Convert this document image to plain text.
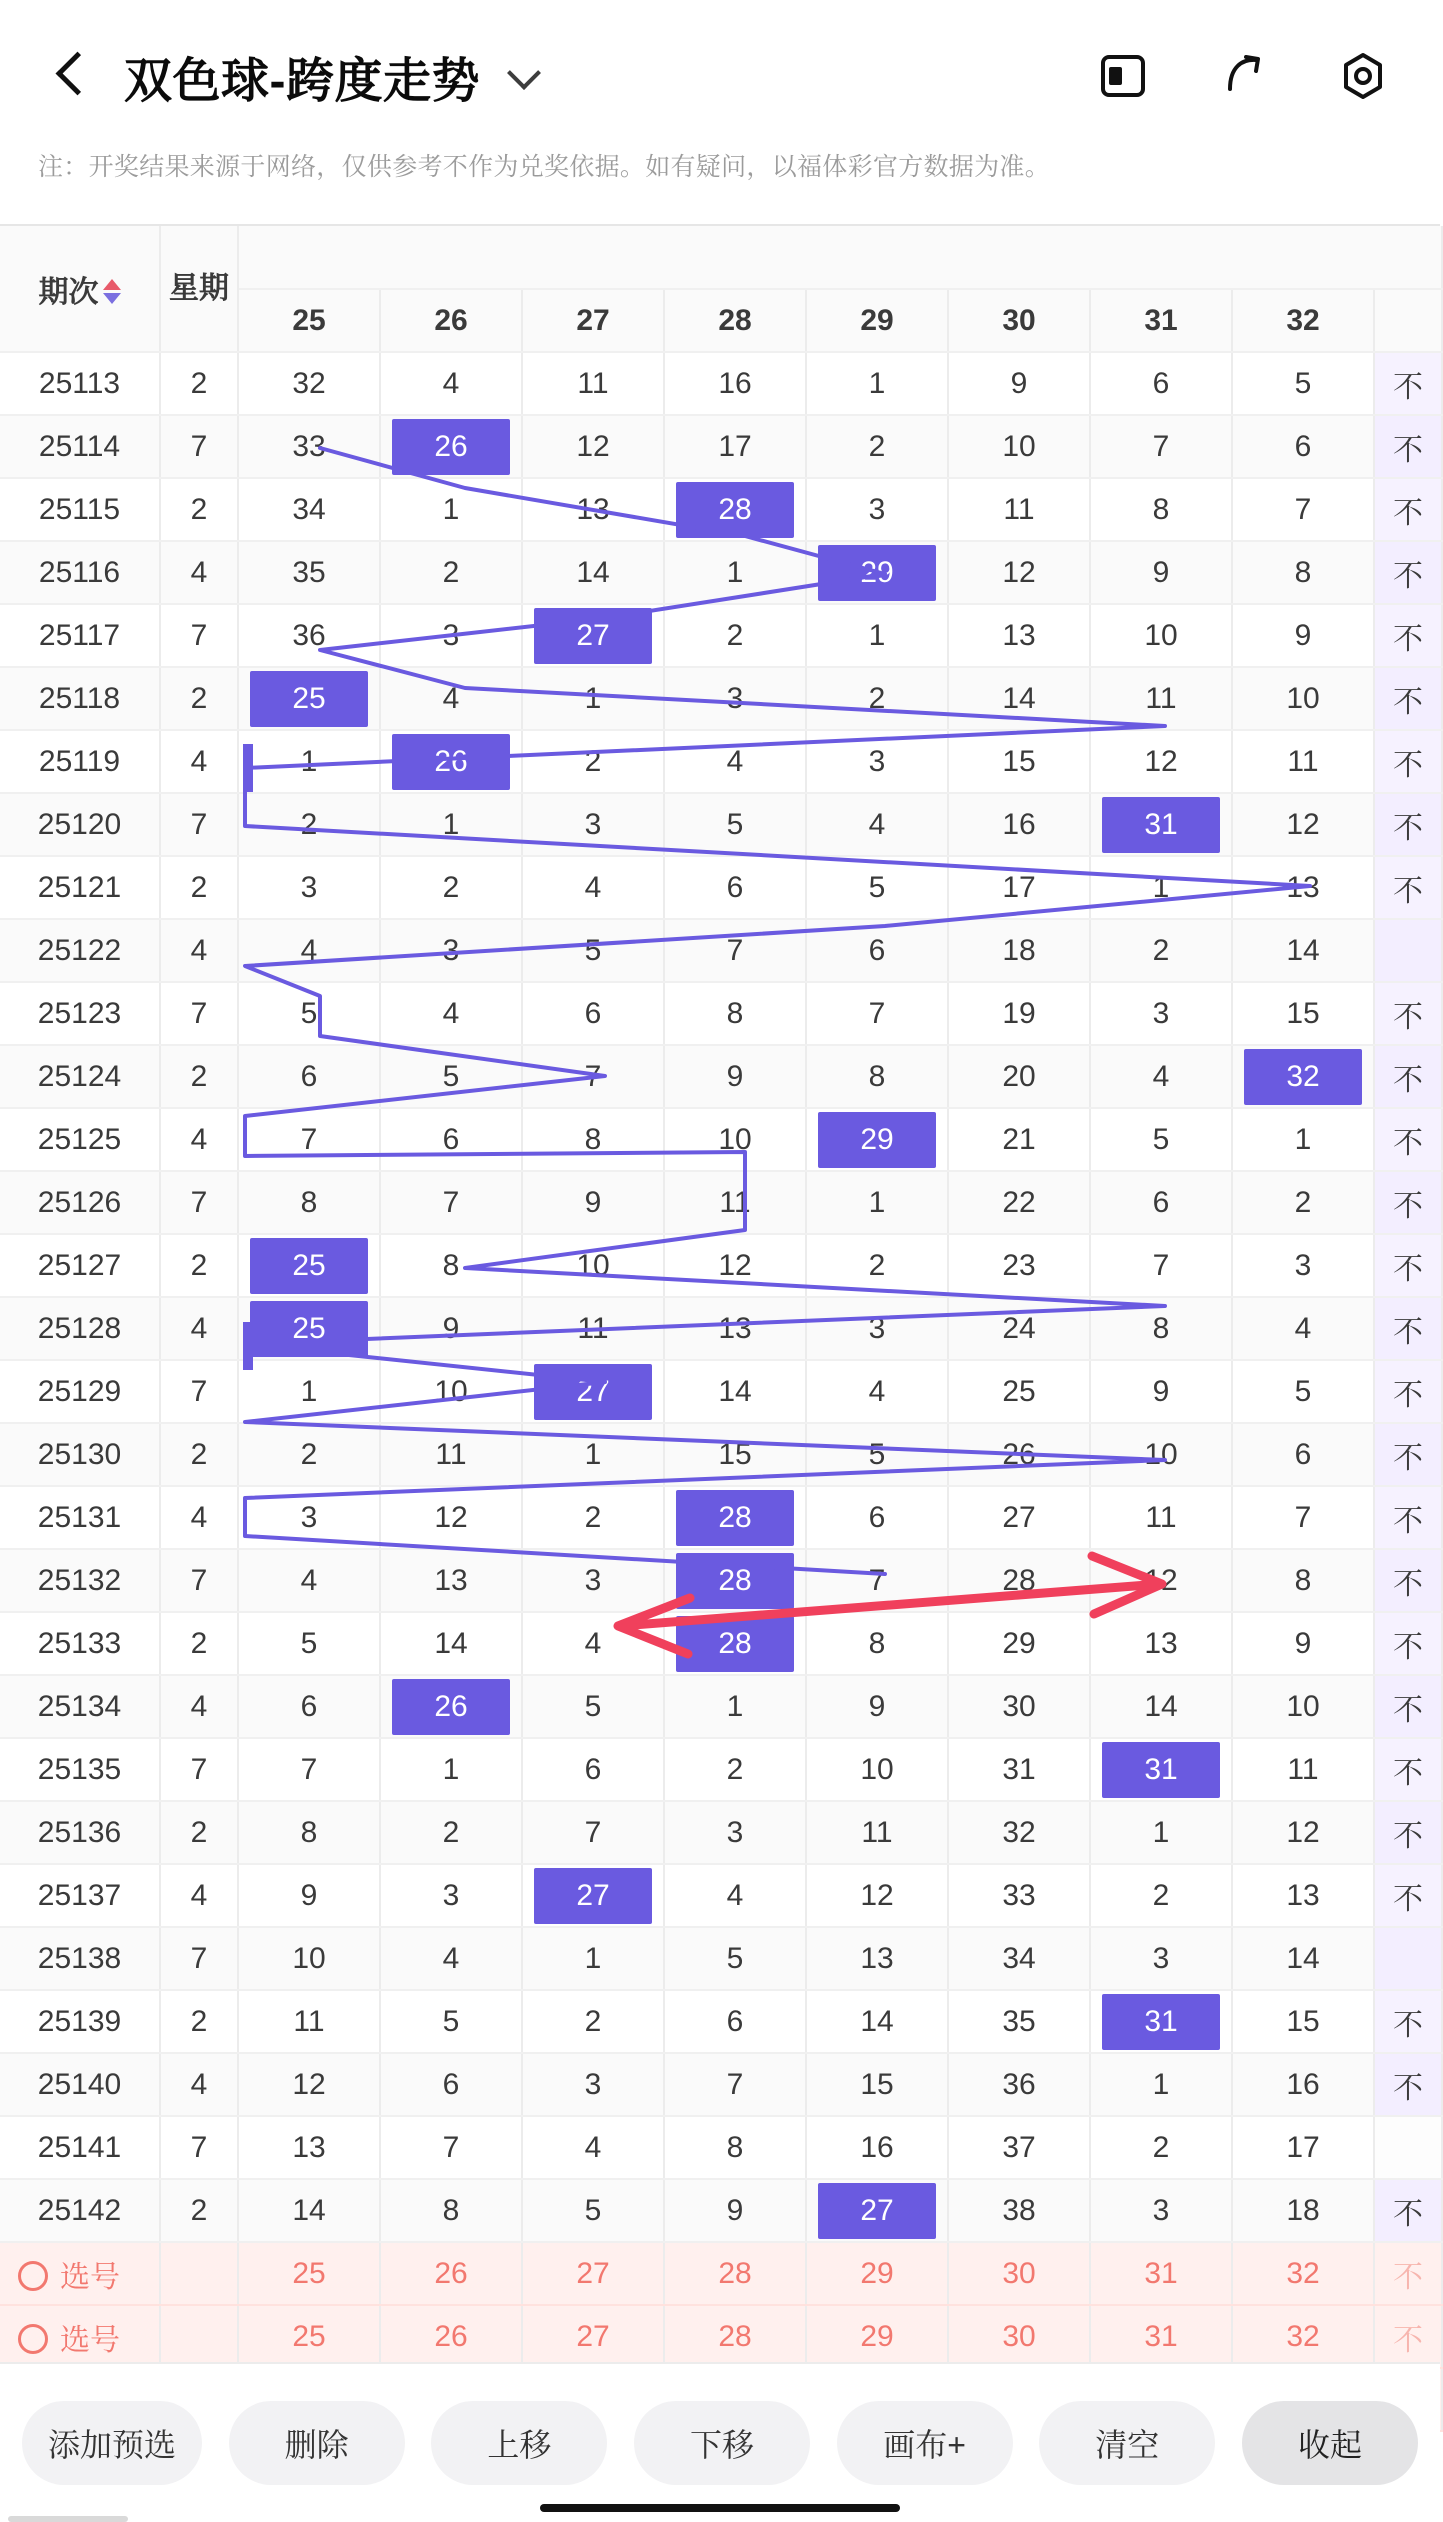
双色球-跨度走势
注：开奖结果来源于网络，仅供参考不作为兑奖依据。如有疑问，以福体彩官方数据为准。
期次	星期									
		25	26	27	28	29	30	31	32	
25113	2	32	4	11	16	1	9	6	5	不
25114	7	33	26	12	17	2	10	7	6	不
25115	2	34	1	13	28	3	11	8	7	不
25116	4	35	2	14	1	29	12	9	8	不
25117	7	36	3	27	2	1	13	10	9	不
25118	2	25	4	1	3	2	14	11	10	不
25119	4	1	26	2	4	3	15	12	11	不
25120	7	2	1	3	5	4	16	31	12	不
25121	2	3	2	4	6	5	17	1	13	不
25122	4	4	3	5	7	6	18	2	14	
25123	7	5	4	6	8	7	19	3	15	不
25124	2	6	5	7	9	8	20	4	32	不
25125	4	7	6	8	10	29	21	5	1	不
25126	7	8	7	9	11	1	22	6	2	不
25127	2	25	8	10	12	2	23	7	3	不
25128	4	25	9	11	13	3	24	8	4	不
25129	7	1	10	27	14	4	25	9	5	不
25130	2	2	11	1	15	5	26	10	6	不
25131	4	3	12	2	28	6	27	11	7	不
25132	7	4	13	3	28	7	28	12	8	不
25133	2	5	14	4	28	8	29	13	9	不
25134	4	6	26	5	1	9	30	14	10	不
25135	7	7	1	6	2	10	31	31	11	不
25136	2	8	2	7	3	11	32	1	12	不
25137	4	9	3	27	4	12	33	2	13	不
25138	7	10	4	1	5	13	34	3	14	
25139	2	11	5	2	6	14	35	31	15	不
25140	4	12	6	3	7	15	36	1	16	不
25141	7	13	7	4	8	16	37	2	17	
25142	2	14	8	5	9	27	38	3	18	不
选号		25	26	27	28	29	30	31	32	不
选号		25	26	27	28	29	30	31	32	不

添加预选	删除	上移	下移	画布+	清空	收起
